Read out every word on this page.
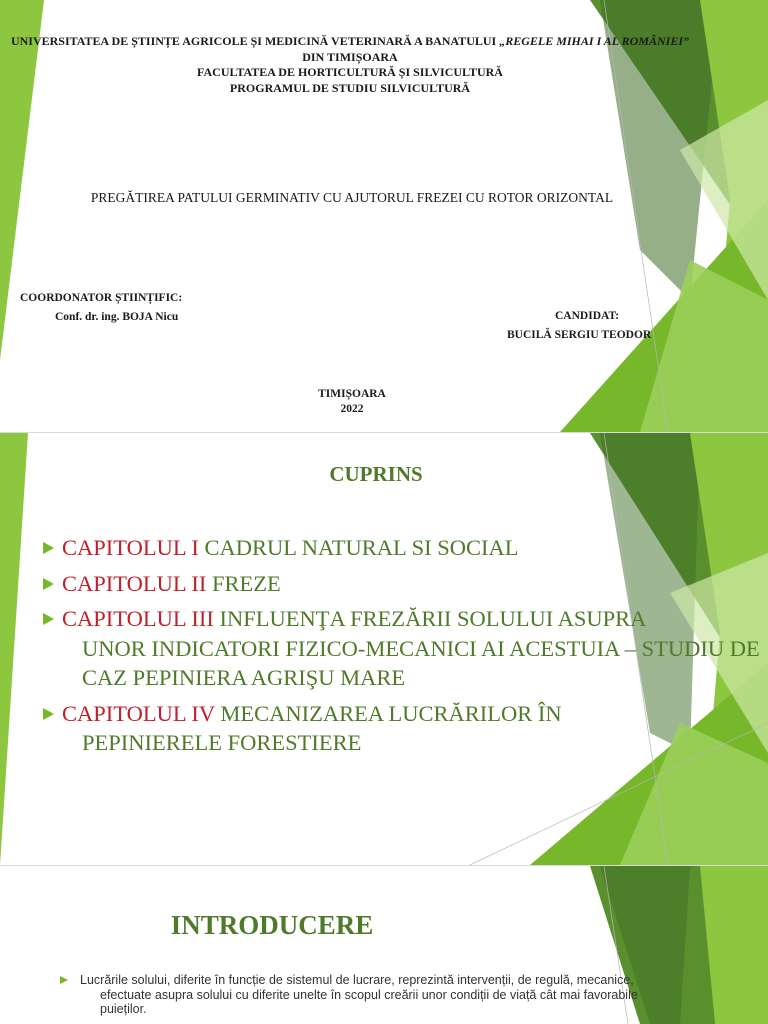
UNIVERSITATEA DE ȘTIINȚE AGRICOLE ȘI MEDICINĂ VETERINARĂ A BANATULUI „REGELE MIHAI I AL ROMÂNIEI” DIN TIMIȘOARA
FACULTATEA DE HORTICULTURĂ ȘI SILVICULTURĂ
PROGRAMUL DE STUDIU SILVICULTURĂ
PREGĂTIREA PATULUI GERMINATIV CU AJUTORUL FREZEI CU ROTOR ORIZONTAL
COORDONATOR ȘTIINȚIFIC:
Conf. dr. ing. BOJA Nicu	CANDIDAT:
BUCILĂ SERGIU TEODOR
TIMIȘOARA
2022
CUPRINS
CAPITOLUL I CADRUL NATURAL SI SOCIAL
CAPITOLUL II FREZE
CAPITOLUL III INFLUENŢA FREZĂRII SOLULUI ASUPRA
UNOR INDICATORI FIZICO-MECANICI AI ACESTUIA – STUDIU DE CAZ PEPINIERA AGRIŞU MARE
CAPITOLUL IV MECANIZAREA LUCRĂRILOR ÎN
PEPINIERELE FORESTIERE
INTRODUCERE
Lucrările solului, diferite în funcție de sistemul de lucrare, reprezintă intervenții, de regulă, mecanice,
efectuate asupra solului cu diferite unelte în scopul creării unor condiții de viață cât mai favorabile puieților.
